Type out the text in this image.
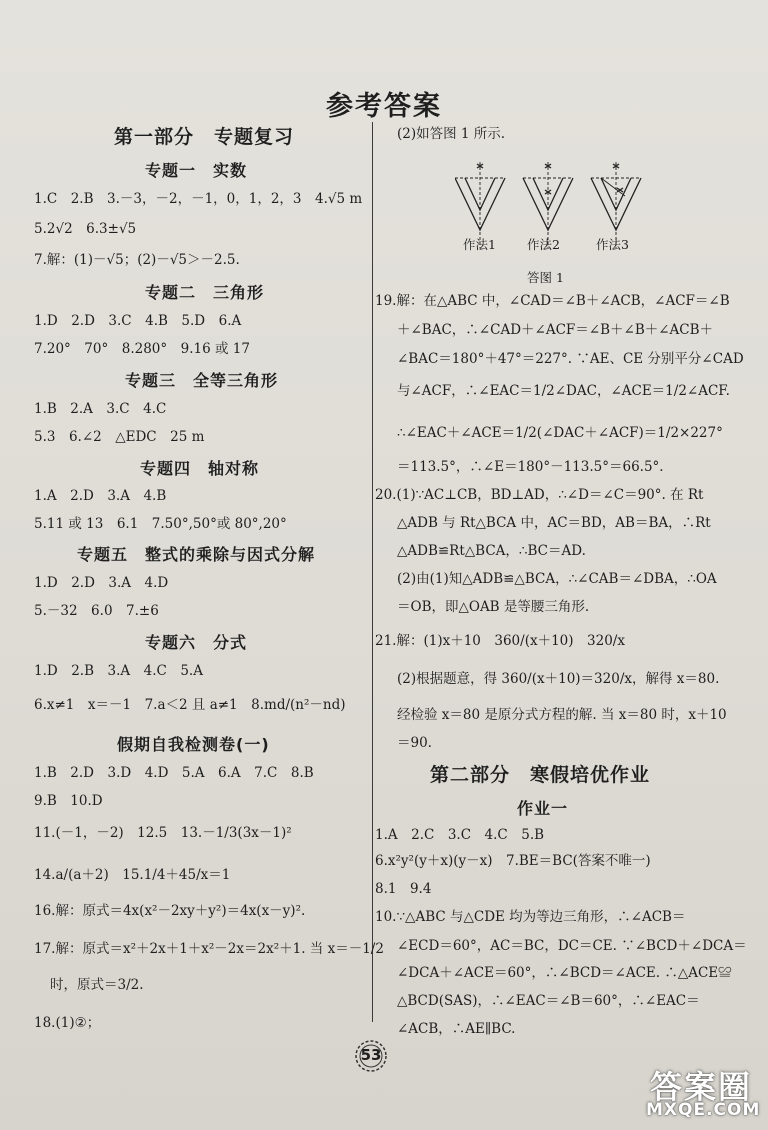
参考答案
第一部分　专题复习
专题一　实数
1.C　2.B　3.－3，－2，－1，0，1，2，3　4.√5 m
5.2√2　6.3±√5
7.解：(1)－√5；(2)－√5＞－2.5.
专题二　三角形
1.D　2.D　3.C　4.B　5.D　6.A
7.20°　70°　8.280°　9.16 或 17
专题三　全等三角形
1.B　2.A　3.C　4.C
5.3　6.∠2　△EDC　25 m
专题四　轴对称
1.A　2.D　3.A　4.B
5.11 或 13　6.1　7.50°,50°或 80°,20°
专题五　整式的乘除与因式分解
1.D　2.D　3.A　4.D
5.－32　6.0　7.±6
专题六　分式
1.D　2.B　3.A　4.C　5.A
6.x≠1　x＝－1　7.a＜2 且 a≠1　8.md/(n²－nd)
假期自我检测卷(一)
1.B　2.D　3.D　4.D　5.A　6.A　7.C　8.B
9.B　10.D
11.(－1，－2)　12.5　13.－1/3(3x－1)²
14.a/(a＋2)　15.1/4＋45/x＝1
16.解：原式＝4x(x²－2xy＋y²)＝4x(x－y)².
17.解：原式＝x²＋2x＋1＋x²－2x＝2x²＋1. 当 x＝－1/2
时，原式＝3/2.
18.(1)②；
(2)如答图 1 所示.
作法1 作法2	作法3
答图 1
19.解：在△ABC 中，∠CAD＝∠B＋∠ACB，∠ACF＝∠B
＋∠BAC，∴∠CAD＋∠ACF＝∠B＋∠B＋∠ACB＋
∠BAC＝180°＋47°＝227°. ∵AE、CE 分别平分∠CAD
与∠ACF，∴∠EAC＝1/2∠DAC，∠ACE＝1/2∠ACF.
∴∠EAC＋∠ACE＝1/2(∠DAC＋∠ACF)＝1/2×227°
＝113.5°，∴∠E＝180°－113.5°＝66.5°.
20.(1)∵AC⊥CB，BD⊥AD，∴∠D＝∠C＝90°. 在 Rt
△ADB 与 Rt△BCA 中，AC＝BD，AB＝BA，∴Rt
△ADB≌Rt△BCA，∴BC＝AD.
(2)由(1)知△ADB≌△BCA，∴∠CAB＝∠DBA，∴OA
＝OB，即△OAB 是等腰三角形.
21.解：(1)x＋10　360/(x＋10)　320/x
(2)根据题意，得 360/(x＋10)＝320/x，解得 x＝80.
经检验 x＝80 是原分式方程的解. 当 x＝80 时，x＋10
＝90.
第二部分　寒假培优作业
作业一
1.A　2.C　3.C　4.C　5.B
6.x²y²(y＋x)(y－x)　7.BE＝BC(答案不唯一)
8.1　9.4
10.∵△ABC 与△CDE 均为等边三角形，∴∠ACB＝
∠ECD＝60°，AC＝BC，DC＝CE. ∵∠BCD＋∠DCA＝
∠DCA＋∠ACE＝60°，∴∠BCD＝∠ACE. ∴△ACE≌
△BCD(SAS)，∴∠EAC＝∠B＝60°，∴∠EAC＝
∠ACB，∴AE∥BC.
53
答案圈
MXQE.COM
